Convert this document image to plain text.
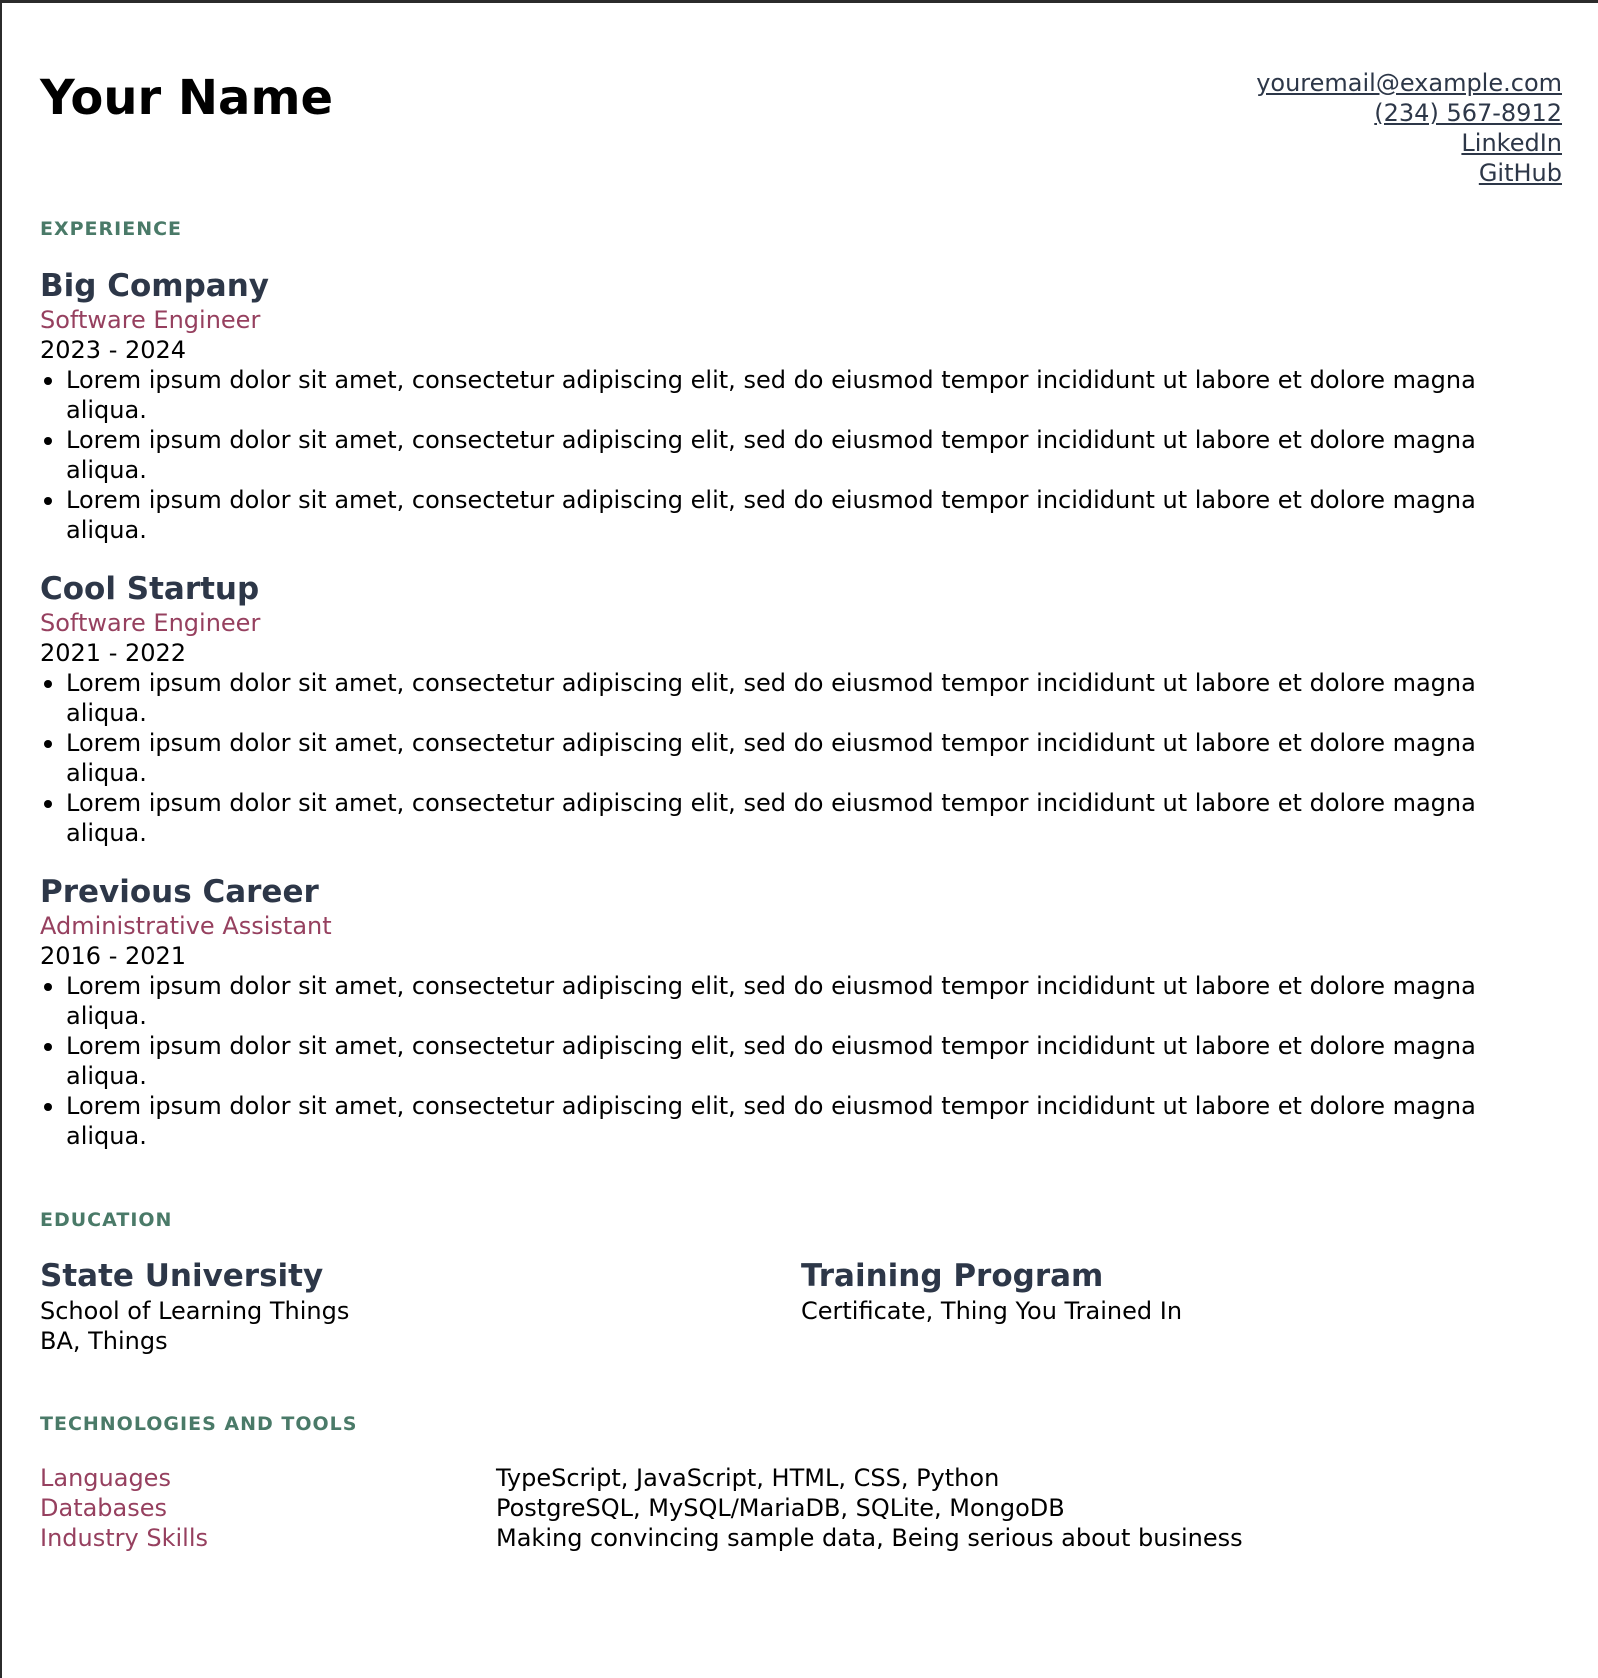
Your Name	youremail@example.com
(234) 567-8912
LinkedIn
GitHub
EXPERIENCE
Big Company
Software Engineer
2023 - 2024
Lorem ipsum dolor sit amet, consectetur adipiscing elit, sed do eiusmod tempor incididunt ut labore et dolore magna aliqua.
Lorem ipsum dolor sit amet, consectetur adipiscing elit, sed do eiusmod tempor incididunt ut labore et dolore magna aliqua.
Lorem ipsum dolor sit amet, consectetur adipiscing elit, sed do eiusmod tempor incididunt ut labore et dolore magna aliqua.
Cool Startup
Software Engineer
2021 - 2022
Lorem ipsum dolor sit amet, consectetur adipiscing elit, sed do eiusmod tempor incididunt ut labore et dolore magna aliqua.
Lorem ipsum dolor sit amet, consectetur adipiscing elit, sed do eiusmod tempor incididunt ut labore et dolore magna aliqua.
Lorem ipsum dolor sit amet, consectetur adipiscing elit, sed do eiusmod tempor incididunt ut labore et dolore magna aliqua.
Previous Career
Administrative Assistant
2016 - 2021
Lorem ipsum dolor sit amet, consectetur adipiscing elit, sed do eiusmod tempor incididunt ut labore et dolore magna aliqua.
Lorem ipsum dolor sit amet, consectetur adipiscing elit, sed do eiusmod tempor incididunt ut labore et dolore magna aliqua.
Lorem ipsum dolor sit amet, consectetur adipiscing elit, sed do eiusmod tempor incididunt ut labore et dolore magna aliqua.
EDUCATION
State University
School of Learning Things
BA, Things
Training Program
Certificate, Thing You Trained In
TECHNOLOGIES AND TOOLS
Languages	TypeScript, JavaScript, HTML, CSS, Python
Databases	PostgreSQL, MySQL/MariaDB, SQLite, MongoDB
Industry Skills	Making convincing sample data, Being serious about business
